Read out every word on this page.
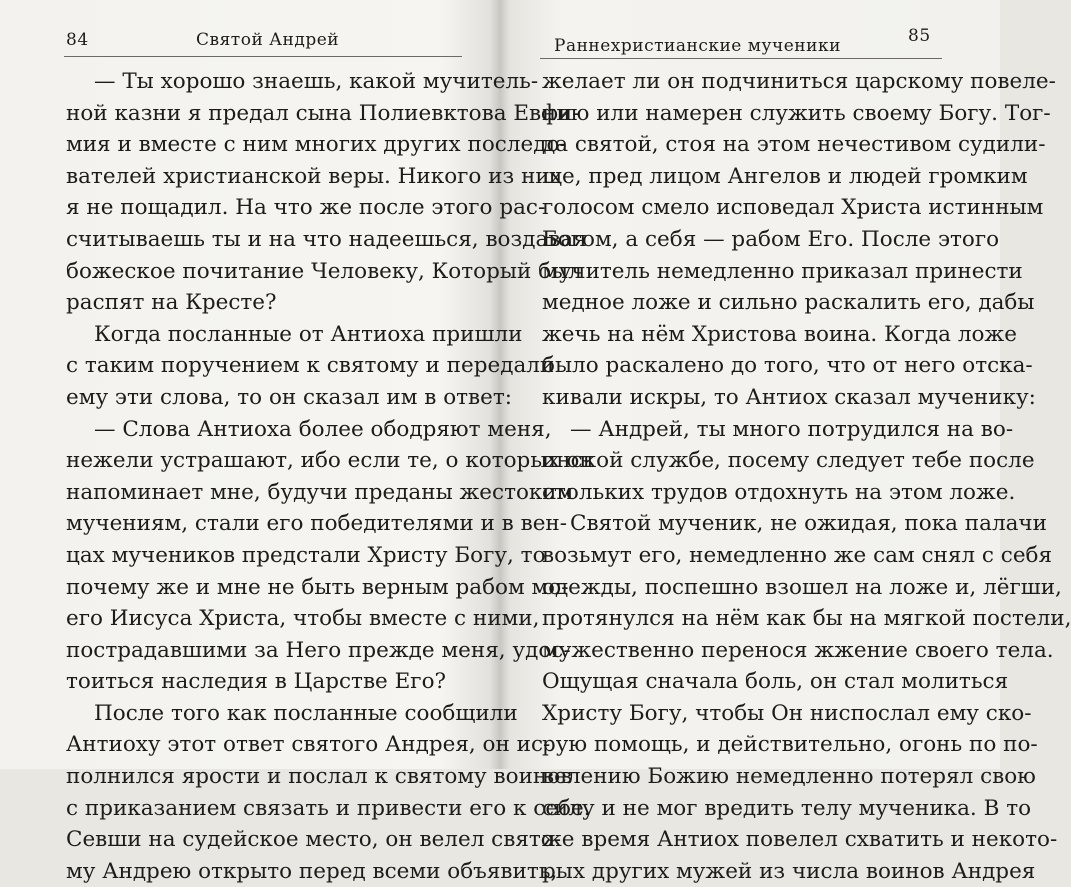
84	Святой Андрей
— Ты хорошо знаешь, какой мучитель-
ной казни я предал сына Полиевктова Евфи-
мия и вместе с ним многих других последо-
вателей христианской веры. Никого из них
я не пощадил. На что же после этого рас-
считываешь ты и на что надеешься, воздавая
божеское почитание Человеку, Который был
распят на Кресте?
Когда посланные от Антиоха пришли
с таким поручением к святому и передали
ему эти слова, то он сказал им в ответ:
— Слова Антиоха более ободряют меня,
нежели устрашают, ибо если те, о которых он
напоминает мне, будучи преданы жестоким
мучениям, стали его победителями и в вен-
цах мучеников предстали Христу Богу, то
почему же и мне не быть верным рабом мо-
его Иисуса Христа, чтобы вместе с ними,
пострадавшими за Него прежде меня, удос-
тоиться наследия в Царстве Его?
После того как посланные сообщили
Антиоху этот ответ святого Андрея, он ис-
полнился ярости и послал к святому воинов
с приказанием связать и привести его к себе.
Севши на судейское место, он велел свято-
му Андрею открыто перед всеми объявить,
Раннехристианские мученики	85
желает ли он подчиниться царскому повеле-
нию или намерен служить своему Богу. Тог-
да святой, стоя на этом нечестивом судили-
ще, пред лицом Ангелов и людей громким
голосом смело исповедал Христа истинным
Богом, а себя — рабом Его. После этого
мучитель немедленно приказал принести
медное ложе и сильно раскалить его, дабы
жечь на нём Христова воина. Когда ложе
было раскалено до того, что от него отска-
кивали искры, то Антиох сказал мученику:
— Андрей, ты много потрудился на во-
инской службе, посему следует тебе после
стольких трудов отдохнуть на этом ложе.
Святой мученик, не ожидая, пока палачи
возьмут его, немедленно же сам снял с себя
одежды, поспешно взошел на ложе и, лёгши,
протянулся на нём как бы на мягкой постели,
мужественно перенося жжение своего тела.
Ощущая сначала боль, он стал молиться
Христу Богу, чтобы Он ниспослал ему ско-
рую помощь, и действительно, огонь по по-
велению Божию немедленно потерял свою
силу и не мог вредить телу мученика. В то
же время Антиох повелел схватить и некото-
рых других мужей из числа воинов Андрея
